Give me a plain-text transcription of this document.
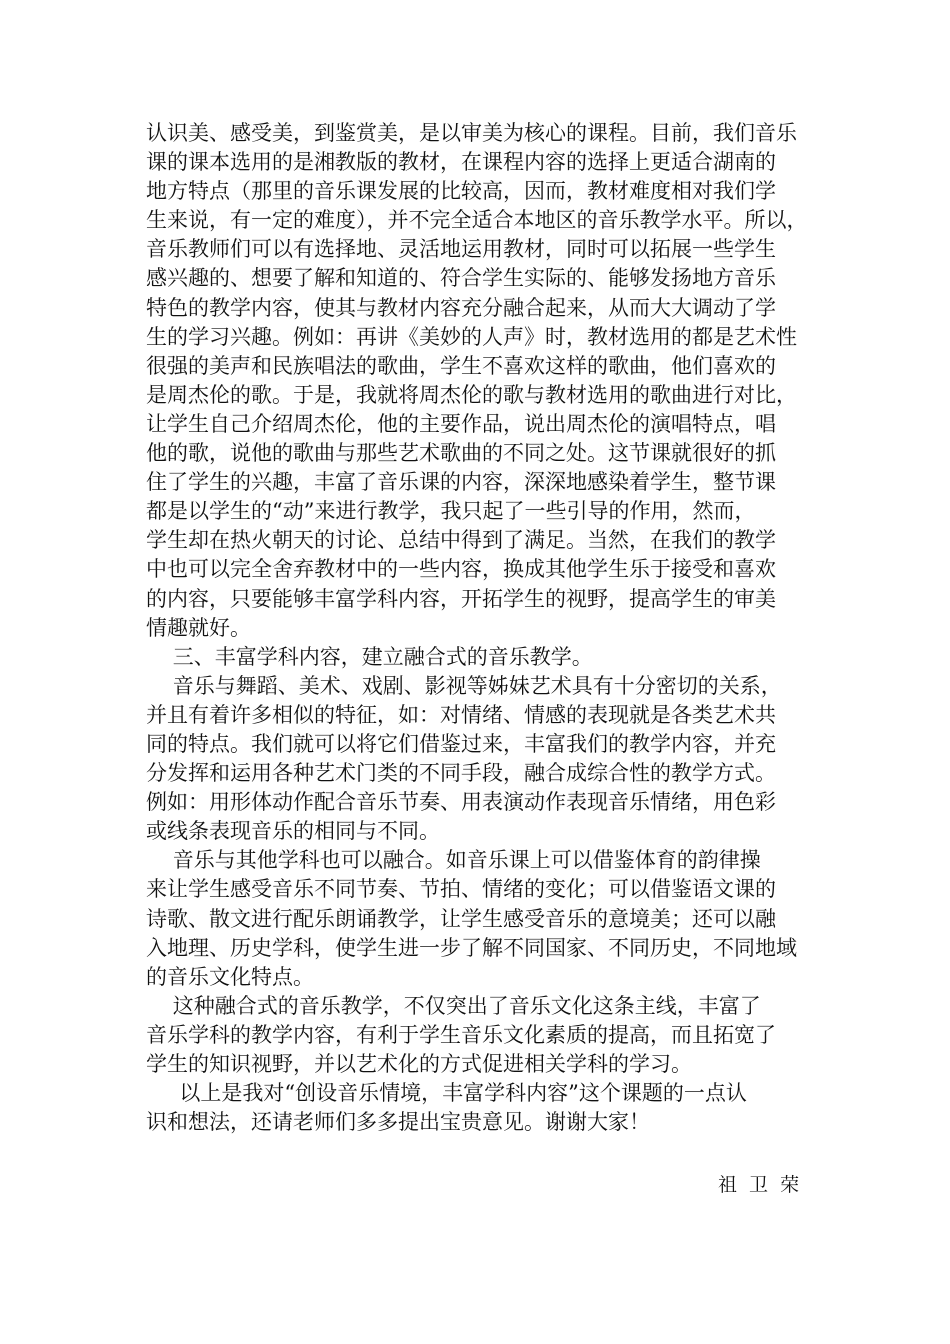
认识美、感受美，到鉴赏美，是以审美为核心的课程。目前，我们音乐
课的课本选用的是湘教版的教材，在课程内容的选择上更适合湖南的
地方特点（那里的音乐课发展的比较高，因而，教材难度相对我们学
生来说，有一定的难度），并不完全适合本地区的音乐教学水平。所以，
音乐教师们可以有选择地、灵活地运用教材，同时可以拓展一些学生
感兴趣的、想要了解和知道的、符合学生实际的、能够发扬地方音乐
特色的教学内容，使其与教材内容充分融合起来，从而大大调动了学
生的学习兴趣。例如：再讲《美妙的人声》时，教材选用的都是艺术性
很强的美声和民族唱法的歌曲，学生不喜欢这样的歌曲，他们喜欢的
是周杰伦的歌。于是，我就将周杰伦的歌与教材选用的歌曲进行对比，
让学生自己介绍周杰伦，他的主要作品，说出周杰伦的演唱特点，唱
他的歌，说他的歌曲与那些艺术歌曲的不同之处。这节课就很好的抓
住了学生的兴趣，丰富了音乐课的内容，深深地感染着学生，整节课
都是以学生的“动”来进行教学，我只起了一些引导的作用，然而，
学生却在热火朝天的讨论、总结中得到了满足。当然，在我们的教学
中也可以完全舍弃教材中的一些内容，换成其他学生乐于接受和喜欢
的内容，只要能够丰富学科内容，开拓学生的视野，提高学生的审美
情趣就好。

三、丰富学科内容，建立融合式的音乐教学。

音乐与舞蹈、美术、戏剧、影视等姊妹艺术具有十分密切的关系，
并且有着许多相似的特征，如：对情绪、情感的表现就是各类艺术共
同的特点。我们就可以将它们借鉴过来，丰富我们的教学内容，并充
分发挥和运用各种艺术门类的不同手段，融合成综合性的教学方式。
例如：用形体动作配合音乐节奏、用表演动作表现音乐情绪，用色彩
或线条表现音乐的相同与不同。

音乐与其他学科也可以融合。如音乐课上可以借鉴体育的韵律操
来让学生感受音乐不同节奏、节拍、情绪的变化；可以借鉴语文课的
诗歌、散文进行配乐朗诵教学，让学生感受音乐的意境美；还可以融
入地理、历史学科，使学生进一步了解不同国家、不同历史，不同地域
的音乐文化特点。

这种融合式的音乐教学，不仅突出了音乐文化这条主线，丰富了
音乐学科的教学内容，有利于学生音乐文化素质的提高，而且拓宽了
学生的知识视野，并以艺术化的方式促进相关学科的学习。

以上是我对“创设音乐情境，丰富学科内容”这个课题的一点认
识和想法，还请老师们多多提出宝贵意见。谢谢大家！

祖 卫 荣
